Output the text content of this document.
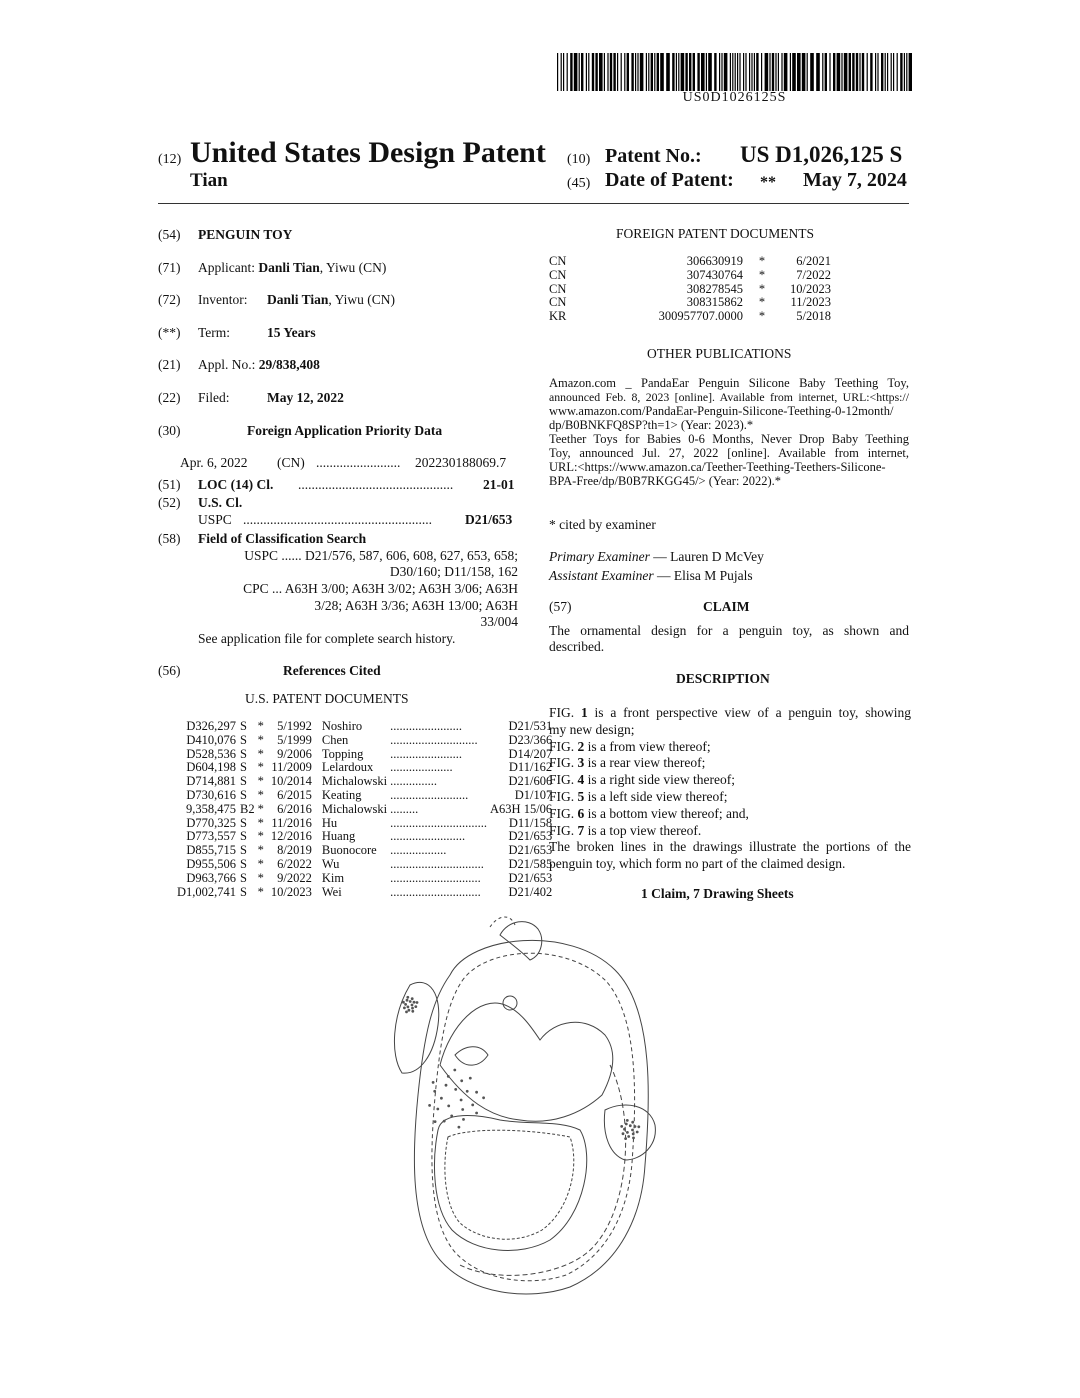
US0D1026125S
(12) United States Design Patent
Tian
(10) Patent No.: US D1,026,125 S
(45) Date of Patent: ** May 7, 2024
(54) PENGUIN TOY
(71) Applicant: Danli Tian, Yiwu (CN)
(72) Inventor: Danli Tian, Yiwu (CN)
(**) Term:	15 Years
(21) Appl. No.: 29/838,408
(22) Filed:	May 12, 2022
(30)	Foreign Application Priority Data
Apr. 6, 2022 (CN) ......................... 202230188069.7
(51) LOC (14) Cl. .............................................. 21-01
(52) U.S. Cl.
USPC ........................................................ D21/653
(58) Field of Classification Search
USPC ...... D21/576, 587, 606, 608, 627, 653, 658;
D30/160; D11/158, 162
CPC ... A63H 3/00; A63H 3/02; A63H 3/06; A63H
3/28; A63H 3/36; A63H 13/00; A63H
33/004
See application file for complete search history.
(56)	References Cited
U.S. PATENT DOCUMENTS
D326,297	S	*	5/1992	Noshiro	.......................	D21/531
D410,076	S	*	5/1999	Chen	............................	D23/366
D528,536	S	*	9/2006	Topping	.......................	D14/207
D604,198	S	*	11/2009	Lelardoux	....................	D11/162
D714,881	S	*	10/2014	Michalowski	...............	D21/606
D730,616	S	*	6/2015	Keating	.........................	D1/107
9,358,475	B2	*	6/2016	Michalowski	.........	A63H 15/06
D770,325	S	*	11/2016	Hu	...............................	D11/158
D773,557	S	*	12/2016	Huang	........................	D21/653
D855,715	S	*	8/2019	Buonocore	..................	D21/653
D955,506	S	*	6/2022	Wu	..............................	D21/585
D963,766	S	*	9/2022	Kim	.............................	D21/653
D1,002,741	S	*	10/2023	Wei	.............................	D21/402
FOREIGN PATENT DOCUMENTS
CN	306630919	*	6/2021
CN	307430764	*	7/2022
CN	308278545	*	10/2023
CN	308315862	*	11/2023
KR	300957707.0000	*	5/2018
OTHER PUBLICATIONS
Amazon.com _ PandaEar Penguin Silicone Baby Teething Toy,
announced Feb. 8, 2023 [online]. Available from internet, URL:<https://
www.amazon.com/PandaEar-Penguin-Silicone-Teething-0-12month/
dp/B0BNKFQ8SP?th=1> (Year: 2023).*
Teether Toys for Babies 0-6 Months, Never Drop Baby Teething
Toy, announced Jul. 27, 2022 [online]. Available from internet,
URL:<https://www.amazon.ca/Teether-Teething-Teethers-Silicone-
BPA-Free/dp/B0B7RKGG45/> (Year: 2022).*
* cited by examiner
Primary Examiner — Lauren D McVey
Assistant Examiner — Elisa M Pujals
(57)	CLAIM
The ornamental design for a penguin toy, as shown and
described.
DESCRIPTION
FIG. 1 is a front perspective view of a penguin toy, showing
my new design;
FIG. 2 is a from view thereof;
FIG. 3 is a rear view thereof;
FIG. 4 is a right side view thereof;
FIG. 5 is a left side view thereof;
FIG. 6 is a bottom view thereof; and,
FIG. 7 is a top view thereof.
The broken lines in the drawings illustrate the portions of the
penguin toy, which form no part of the claimed design.
1 Claim, 7 Drawing Sheets
